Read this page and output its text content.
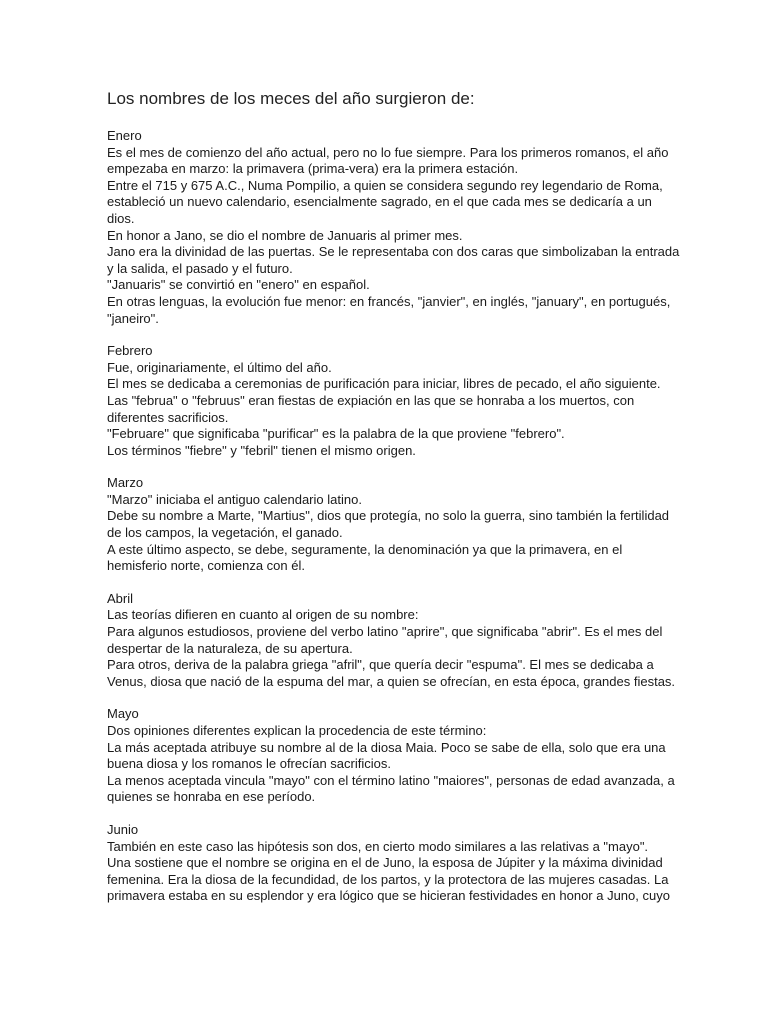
Los nombres de los meces del año surgieron de:

Enero

Es el mes de comienzo del año actual, pero no lo fue siempre. Para los primeros romanos, el año
empezaba en marzo: la primavera (prima-vera) era la primera estación.
Entre el 715 y 675 A.C., Numa Pompilio, a quien se considera segundo rey legendario de Roma,
estableció un nuevo calendario, esencialmente sagrado, en el que cada mes se dedicaría a un
dios.
En honor a Jano, se dio el nombre de Januaris al primer mes.
Jano era la divinidad de las puertas. Se le representaba con dos caras que simbolizaban la entrada
y la salida, el pasado y el futuro.
"Januaris" se convirtió en "enero" en español.
En otras lenguas, la evolución fue menor: en francés, "janvier", en inglés, "january", en portugués,
"janeiro".

Febrero

Fue, originariamente, el último del año.
El mes se dedicaba a ceremonias de purificación para iniciar, libres de pecado, el año siguiente.
Las "februa" o "februus" eran fiestas de expiación en las que se honraba a los muertos, con
diferentes sacrificios.
"Februare" que significaba "purificar" es la palabra de la que proviene "febrero".
Los términos "fiebre" y "febril" tienen el mismo origen.

Marzo

"Marzo" iniciaba el antiguo calendario latino.
Debe su nombre a Marte, "Martius", dios que protegía, no solo la guerra, sino también la fertilidad
de los campos, la vegetación, el ganado.
A este último aspecto, se debe, seguramente, la denominación ya que la primavera, en el
hemisferio norte, comienza con él.

Abril

Las teorías difieren en cuanto al origen de su nombre:
Para algunos estudiosos, proviene del verbo latino "aprire", que significaba "abrir". Es el mes del
despertar de la naturaleza, de su apertura.
Para otros, deriva de la palabra griega "afril", que quería decir "espuma". El mes se dedicaba a
Venus, diosa que nació de la espuma del mar, a quien se ofrecían, en esta época, grandes fiestas.

Mayo

Dos opiniones diferentes explican la procedencia de este término:
La más aceptada atribuye su nombre al de la diosa Maia. Poco se sabe de ella, solo que era una
buena diosa y los romanos le ofrecían sacrificios.
La menos aceptada vincula "mayo" con el término latino "maiores", personas de edad avanzada, a
quienes se honraba en ese período.

Junio

También en este caso las hipótesis son dos, en cierto modo similares a las relativas a "mayo".
Una sostiene que el nombre se origina en el de Juno, la esposa de Júpiter y la máxima divinidad
femenina. Era la diosa de la fecundidad, de los partos, y la protectora de las mujeres casadas. La
primavera estaba en su esplendor y era lógico que se hicieran festividades en honor a Juno, cuyo
